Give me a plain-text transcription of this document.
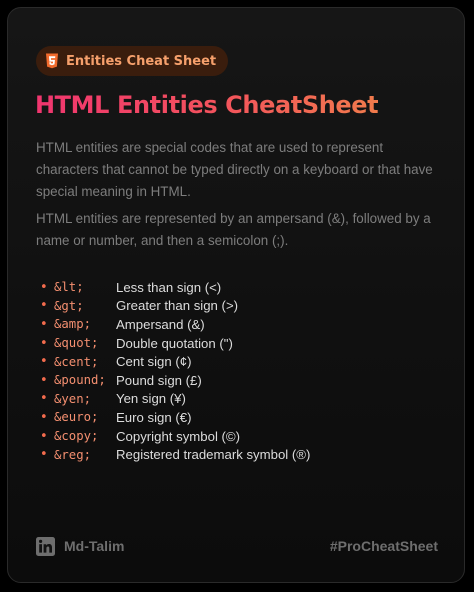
Entities Cheat Sheet
HTML Entities CheatSheet

HTML entities are special codes that are used to represent characters that cannot be typed directly on a keyboard or that have special meaning in HTML.

HTML entities are represented by an ampersand (&), followed by a name or number, and then a semicolon (;).

• &lt;	Less than sign (<)
• &gt;	Greater than sign (>)
• &amp;	Ampersand (&)
• &quot;	Double quotation (")
• &cent;	Cent sign (¢)
• &pound; Pound sign (£)
• &yen;	Yen sign (¥)
• &euro;	Euro sign (€)
• &copy;	Copyright symbol (©)
• &reg;	Registered trademark symbol (®)
Md-Talim	#ProCheatSheet
